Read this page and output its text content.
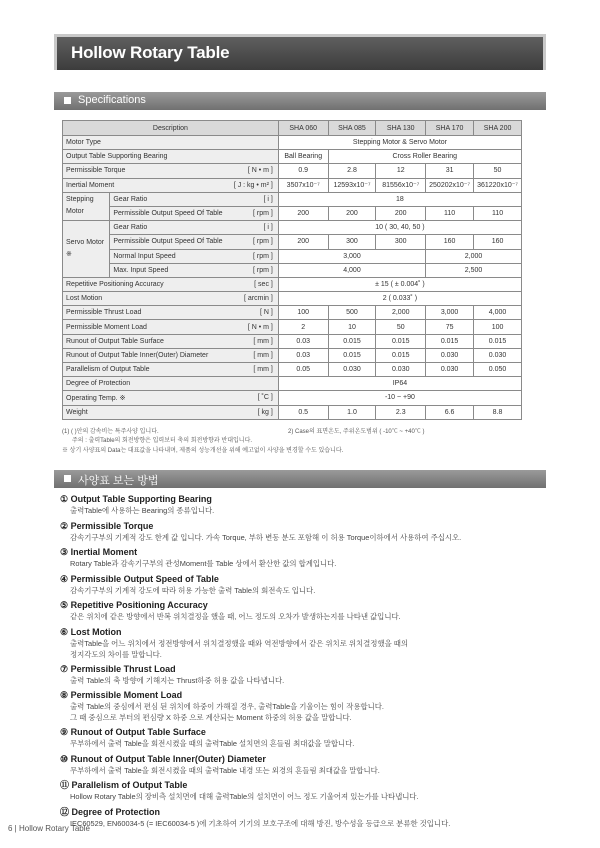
Hollow Rotary Table
Specifications
Description		SHA 060	SHA 085	SHA 130	SHA 170	SHA 200
Motor Type		Stepping Motor & Servo Motor				
Output Table Supporting Bearing		Ball Bearing	Cross Roller Bearing			

Permissible Torque [ N • m ]		0.9	2.8	12	31	50

Inertial Moment [ J : kg • m² ]		3507x10⁻⁷	12593x10⁻⁷	81556x10⁻⁷	250202x10⁻⁷	361220x10⁻⁷
Stepping Motor	Gear Ratio [ i ]	18				

	Permissible Output Speed Of Table [ rpm ]	200	200	200	110	110
Servo Motor ※	Gear Ratio [ i ]	10 ( 30, 40, 50 )				

	Permissible Output Speed Of Table [ rpm ]	200	300	300	160	160

	Normal Input Speed [ rpm ]	3,000			2,000	

	Max. Input Speed [ rpm ]	4,000			2,500	

Repetitive Positioning Accuracy [ sec ]		± 15 ( ± 0.004˚ )				

Lost Motion [ arcmin ]		2 ( 0.033˚ )				

Permissible Thrust Load [ N ]		100	500	2,000	3,000	4,000

Permissible Moment Load [ N • m ]		2	10	50	75	100

Runout of Output Table Surface [ mm ]		0.03	0.015	0.015	0.015	0.015

Runout of Output Table Inner(Outer) Diameter [ mm ]		0.03	0.015	0.015	0.030	0.030

Parallelism of Output Table [ mm ]		0.05	0.030	0.030	0.030	0.050
Degree of Protection		IP64				

Operating Temp. ※ [ ˚C ]		-10 ~ +90				

Weight [ kg ]		0.5	1.0	2.3	6.6	8.8
(1) ( )안의 감속비는 특주사양 입니다.
주의 : 출력Table의 회전방향은 입력보터 축의 회전방향과 반대입니다.
2) Case의 표면온도, 주위온도범위 ( -10℃ ~ +40℃ )
※ 상기 사양표의 Data는 대표값을 나타내며, 제품의 성능개선을 위해 예고없이 사양을 변경할 수도 있습니다.
사양표 보는 방법
① Output Table Supporting Bearing
출력Table에 사용하는 Bearing의 종류입니다.
② Permissible Torque
감속기구부의 기계적 강도 한계 값 입니다. 가속 Torque, 부하 변동 분도 포함해 이 허용 Torque이하에서 사용하여 주십시오.
③ Inertial Moment
Rotary Table과 감속기구부의 관성Moment를 Table 상에서 환산한 값의 합계입니다.
④ Permissible Output Speed of Table
감속기구부의 기계적 강도에 따라 허용 가능한 출력 Table의 회전속도 입니다.
⑤ Repetitive Positioning Accuracy
같은 위치에 같은 방향에서 반복 위치결정을 했을 때, 어느 정도의 오차가 발생하는지를 나타낸 값입니다.
⑥ Lost Motion
출력Table을 어느 위치에서 정전방향에서 위치결정했을 때와 역전방향에서 같은 위치로 위치결정했을 때의
정지각도의 차이를 말합니다.
⑦ Permissible Thrust Load
출력 Table의 축 방향에 기해지는 Thrust하중 허용 값을 나타냅니다.
⑧ Permissible Moment Load
출력 Table의 중심에서 편심 된 위치에 하중이 가해질 경우, 출력Table을 기울이는 힘이 작용합니다.
그 때 중심으로 부터의 편심량 X 하중 으로 계산되는 Moment 하중의 허용 값을 말합니다.
⑨ Runout of Output Table Surface
무부하에서 출력 Table을 회전시켰을 때의 출력Table 설치면의 흔들림 최대값을 말합니다.
⑩ Runout of Output Table Inner(Outer) Diameter
무부하에서 출력 Table을 회전시켰을 때의 출력Table 내경 또는 외경의 흔들림 최대값을 말합니다.
⑪ Parallelism of Output Table
Hollow Rotary Table의 장비측 설치면에 대해 출력Table의 설치면이 어느 정도 기울어져 있는가를 나타냅니다.
⑫ Degree of Protection
IEC60529, EN60034-5 (= IEC60034-5 )에 기초하여 기기의 보호구조에 대해 방진, 방수성을 등급으로 분류한 것입니다.
6 | Hollow Rotary Table
